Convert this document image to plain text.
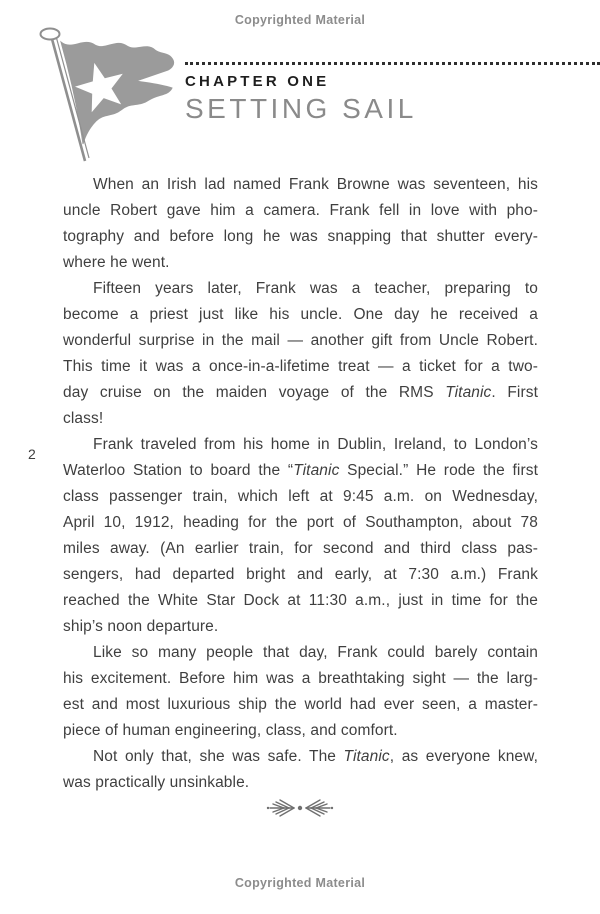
Copyrighted Material
CHAPTER ONE
SETTING SAIL
2
When an Irish lad named Frank Browne was seventeen, his
uncle Robert gave him a camera. Frank fell in love with pho-
tography and before long he was snapping that shutter every-
where he went.
Fifteen years later, Frank was a teacher, preparing to
become a priest just like his uncle. One day he received a
wonderful surprise in the mail — another gift from Uncle Robert.
This time it was a once-in-a-lifetime treat — a ticket for a two-
day cruise on the maiden voyage of the RMS Titanic. First
class!
Frank traveled from his home in Dublin, Ireland, to London’s
Waterloo Station to board the “Titanic Special.” He rode the first
class passenger train, which left at 9:45 a.m. on Wednesday,
April 10, 1912, heading for the port of Southampton, about 78
miles away. (An earlier train, for second and third class pas-
sengers, had departed bright and early, at 7:30 a.m.) Frank
reached the White Star Dock at 11:30 a.m., just in time for the
ship’s noon departure.
Like so many people that day, Frank could barely contain
his excitement. Before him was a breathtaking sight — the larg-
est and most luxurious ship the world had ever seen, a master-
piece of human engineering, class, and comfort.
Not only that, she was safe. The Titanic, as everyone knew,
was practically unsinkable.
Copyrighted Material
